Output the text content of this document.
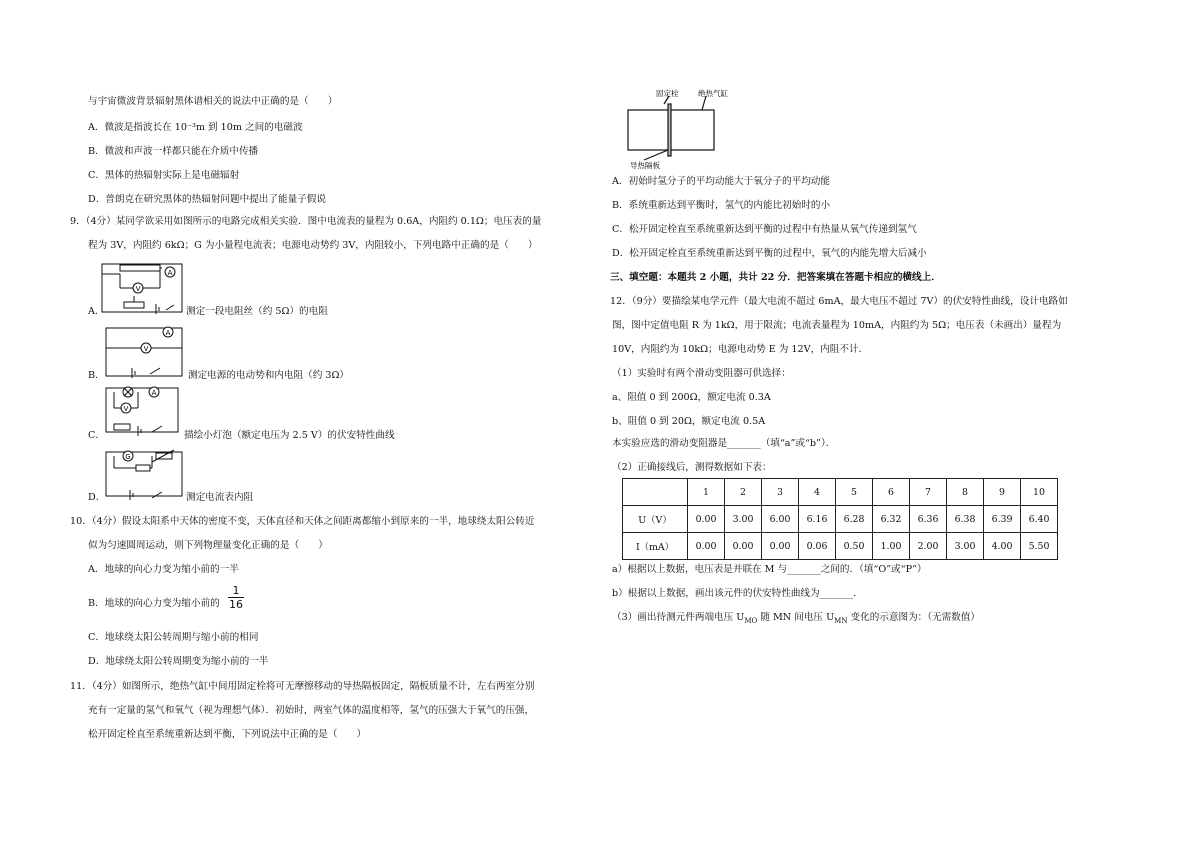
与宇宙微波背景辐射黑体谱相关的说法中正确的是（　　）
A．微波是指波长在 10⁻³m 到 10m 之间的电磁波
B．微波和声波一样都只能在介质中传播
C．黑体的热辐射实际上是电磁辐射
D．普朗克在研究黑体的热辐射问题中提出了能量子假说
9．（4分）某同学欲采用如图所示的电路完成相关实验．图中电流表的量程为 0.6A，内阻约 0.1Ω；电压表的量
程为 3V，内阻约 6kΩ；G 为小量程电流表；电源电动势约 3V，内阻较小，下列电路中正确的是（　　）
A．
A
V
测定一段电阻丝（约 5Ω）的电阻
B．
A
V
测定电源的电动势和内电阻（约 3Ω）
C．
A
V
描绘小灯泡（额定电压为 2.5 V）的伏安特性曲线
D．
G
测定电流表内阻
10．（4分）假设太阳系中天体的密度不变，天体直径和天体之间距离都缩小到原来的一半，地球绕太阳公转近
似为匀速圆周运动，则下列物理量变化正确的是（　　）
A．地球的向心力变为缩小前的一半
B．地球的向心力变为缩小前的 $\frac{1}{16}$
C．地球绕太阳公转周期与缩小前的相同
D．地球绕太阳公转周期变为缩小前的一半
11．（4分）如图所示，绝热气缸中间用固定栓将可无摩擦移动的导热隔板固定，隔板质量不计，左右两室分别
充有一定量的氢气和氧气（视为理想气体）．初始时，两室气体的温度相等，氢气的压强大于氧气的压强，
松开固定栓直至系统重新达到平衡，下列说法中正确的是（　　）
固定栓	绝热气缸
导热隔板
A．初始时氢分子的平均动能大于氧分子的平均动能
B．系统重新达到平衡时，氢气的内能比初始时的小
C．松开固定栓直至系统重新达到平衡的过程中有热量从氧气传递到氢气
D．松开固定栓直至系统重新达到平衡的过程中，氧气的内能先增大后减小
三、填空题：本题共 2 小题，共计 22 分．把答案填在答题卡相应的横线上．
12．（9分）要描绘某电学元件（最大电流不超过 6mA，最大电压不超过 7V）的伏安特性曲线，设计电路如
图，图中定值电阻 R 为 1kΩ，用于限流；电流表量程为 10mA，内阻约为 5Ω；电压表（未画出）量程为
10V，内阻约为 10kΩ；电源电动势 E 为 12V，内阻不计．
（1）实验时有两个滑动变阻器可供选择：
a、阻值 0 到 200Ω，额定电流 0.3A
b、阻值 0 到 20Ω，额定电流 0.5A
本实验应选的滑动变阻器是_______（填“a”或“b”）．
（2）正确接线后，测得数据如下表：
	1	2	3	4	5	6	7	8	9	10
U（V）	0.00	3.00	6.00	6.16	6.28	6.32	6.36	6.38	6.39	6.40
I（mA）	0.00	0.00	0.00	0.06	0.50	1.00	2.00	3.00	4.00	5.50
a）根据以上数据，电压表是并联在 M 与_______之间的．（填“O”或“P”）
b）根据以上数据，画出该元件的伏安特性曲线为_______．
（3）画出待测元件两端电压 $U_{MO}$ 随 MN 间电压 $U_{MN}$ 变化的示意图为：（无需数值）
